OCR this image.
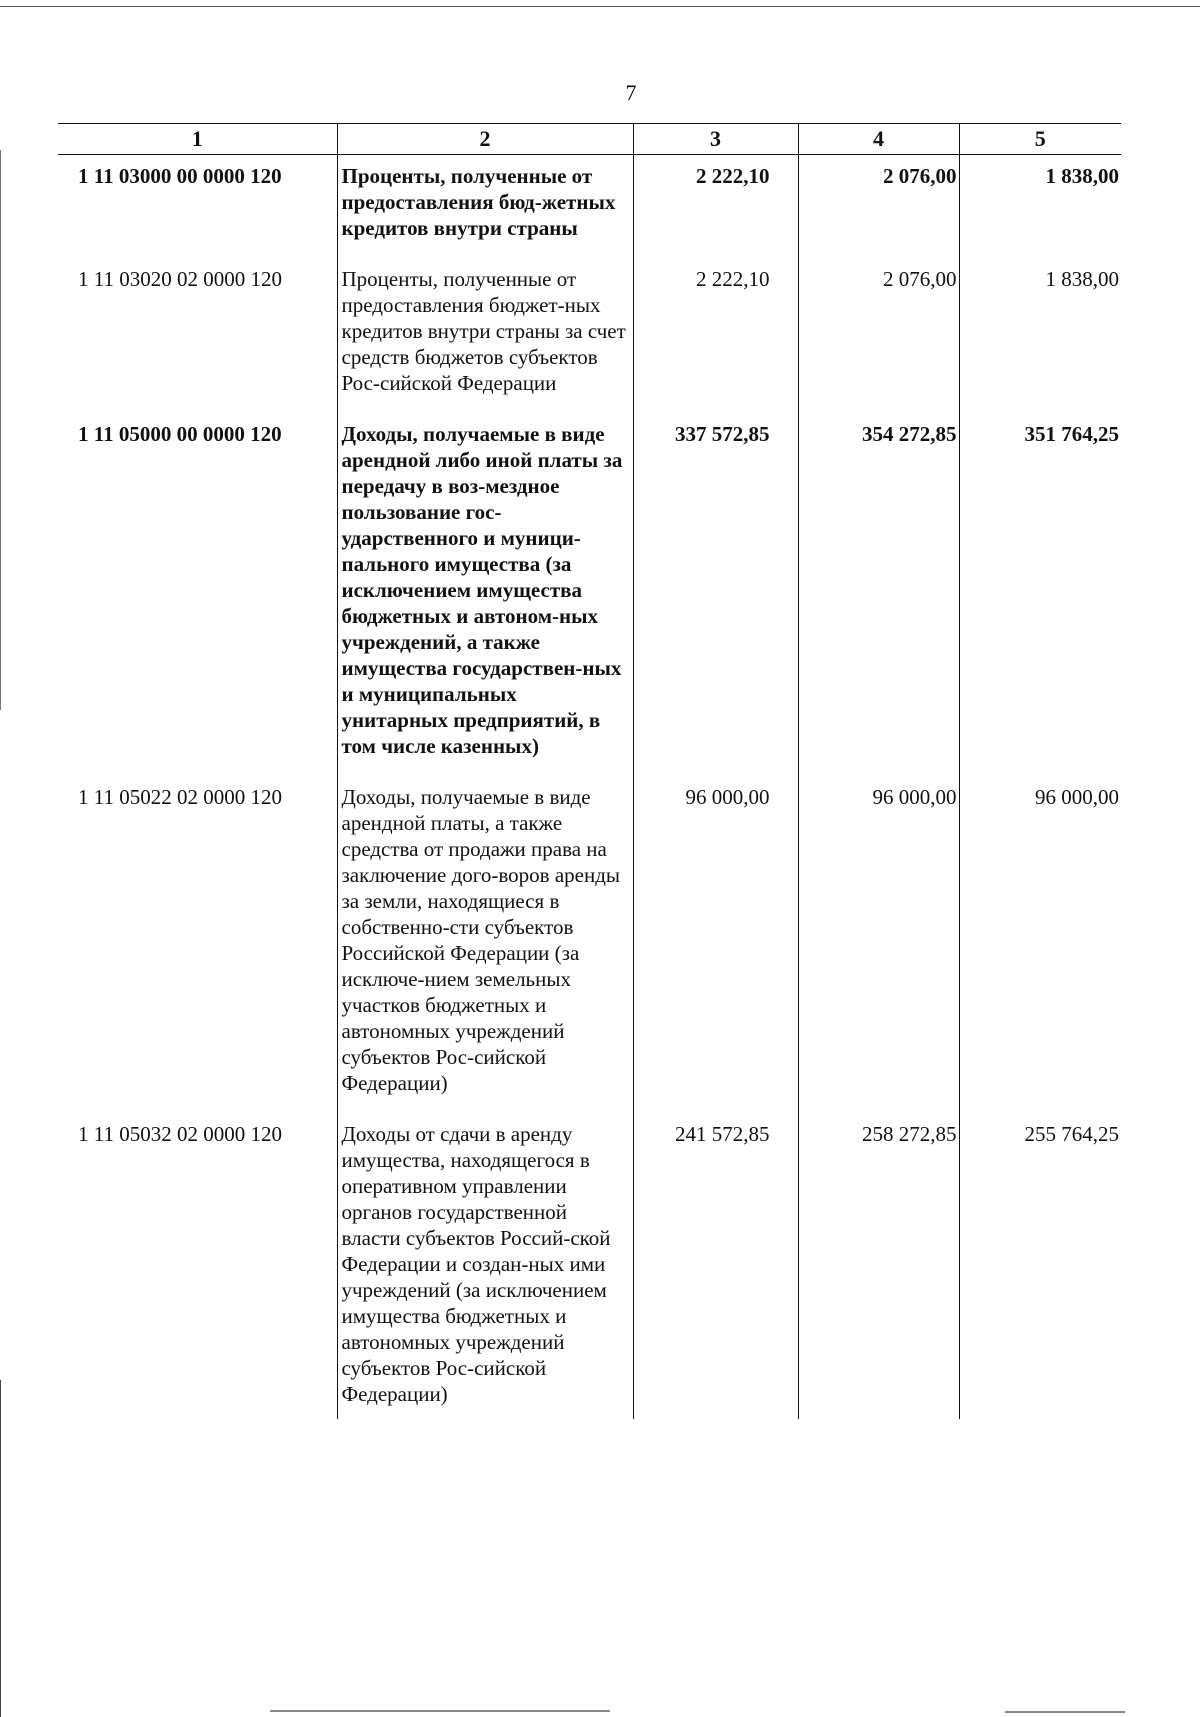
7
1	2	3	4	5
1 11 03000 00 0000 120	Проценты, полученные от предоставления бюд-жетных кредитов внутри страны	2 222,10	2 076,00	1 838,00
1 11 03020 02 0000 120	Проценты, полученные от предоставления бюджет-ных кредитов внутри страны за счет средств бюджетов субъектов Рос-сийской Федерации	2 222,10	2 076,00	1 838,00
1 11 05000 00 0000 120	Доходы, получаемые в виде арендной либо иной платы за передачу в воз-мездное пользование гос-ударственного и муници-пального имущества (за исключением имущества бюджетных и автоном-ных учреждений, а также имущества государствен-ных и муниципальных унитарных предприятий, в том числе казенных)	337 572,85	354 272,85	351 764,25
1 11 05022 02 0000 120	Доходы, получаемые в виде арендной платы, а также средства от продажи права на заключение дого-воров аренды за земли, находящиеся в собственно-сти субъектов Российской Федерации (за исключе-нием земельных участков бюджетных и автономных учреждений субъектов Рос-сийской Федерации)	96 000,00	96 000,00	96 000,00
1 11 05032 02 0000 120	Доходы от сдачи в аренду имущества, находящегося в оперативном управлении органов государственной власти субъектов Россий-ской Федерации и создан-ных ими учреждений (за исключением имущества бюджетных и автономных учреждений субъектов Рос-сийской Федерации)	241 572,85	258 272,85	255 764,25
